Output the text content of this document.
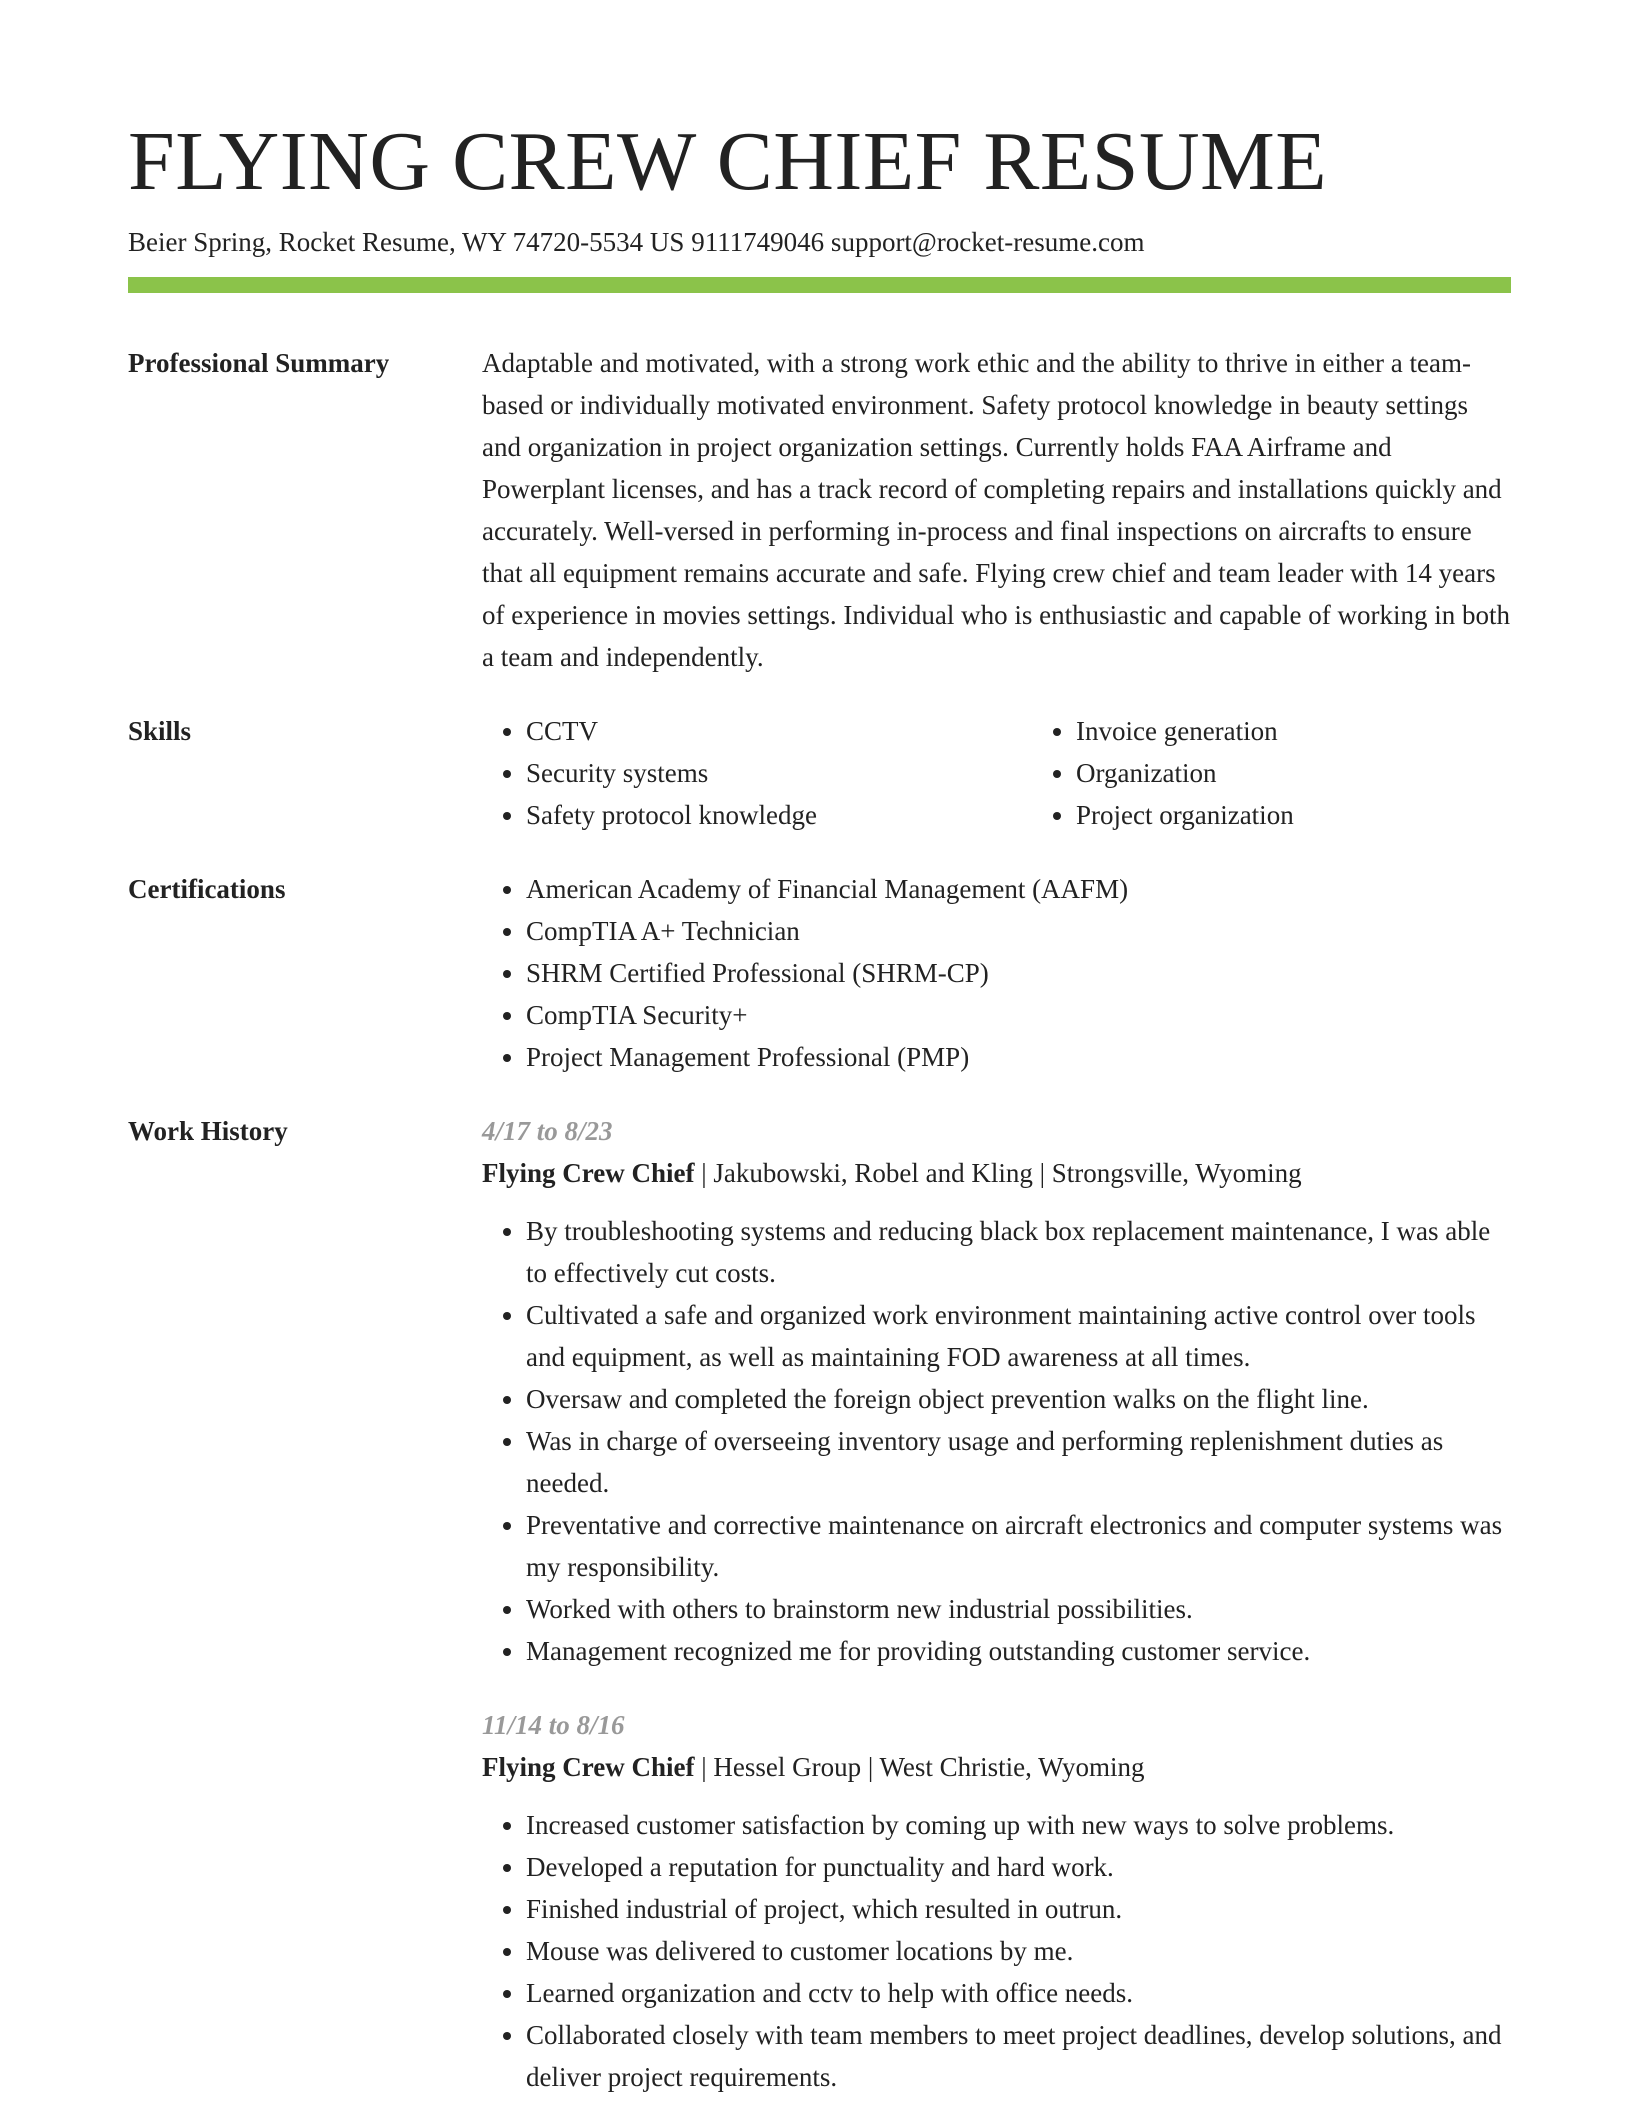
FLYING CREW CHIEF RESUME
Beier Spring, Rocket Resume, WY 74720-5534 US 9111749046 support@rocket-resume.com
Professional Summary	Adaptable and motivated, with a strong work ethic and the ability to thrive in either a team-based or individually motivated environment. Safety protocol knowledge in beauty settings and organization in project organization settings. Currently holds FAA Airframe and Powerplant licenses, and has a track record of completing repairs and installations quickly and accurately. Well-versed in performing in-process and final inspections on aircrafts to ensure that all equipment remains accurate and safe. Flying crew chief and team leader with 14 years of experience in movies settings. Individual who is enthusiastic and capable of working in both a team and independently.
Skills	• CCTV
• Security systems
• Safety protocol knowledge
• Invoice generation
• Organization
• Project organization
Certifications	• American Academy of Financial Management (AAFM)
• CompTIA A+ Technician
• SHRM Certified Professional (SHRM-CP)
• CompTIA Security+
• Project Management Professional (PMP)
Work History	4/17 to 8/23
Flying Crew Chief | Jakubowski, Robel and Kling | Strongsville, Wyoming
• By troubleshooting systems and reducing black box replacement maintenance, I was able to effectively cut costs.
• Cultivated a safe and organized work environment maintaining active control over tools and equipment, as well as maintaining FOD awareness at all times.
• Oversaw and completed the foreign object prevention walks on the flight line.
• Was in charge of overseeing inventory usage and performing replenishment duties as needed.
• Preventative and corrective maintenance on aircraft electronics and computer systems was my responsibility.
• Worked with others to brainstorm new industrial possibilities.
• Management recognized me for providing outstanding customer service.
11/14 to 8/16
Flying Crew Chief | Hessel Group | West Christie, Wyoming
• Increased customer satisfaction by coming up with new ways to solve problems.
• Developed a reputation for punctuality and hard work.
• Finished industrial of project, which resulted in outrun.
• Mouse was delivered to customer locations by me.
• Learned organization and cctv to help with office needs.
• Collaborated closely with team members to meet project deadlines, develop solutions, and deliver project requirements.
